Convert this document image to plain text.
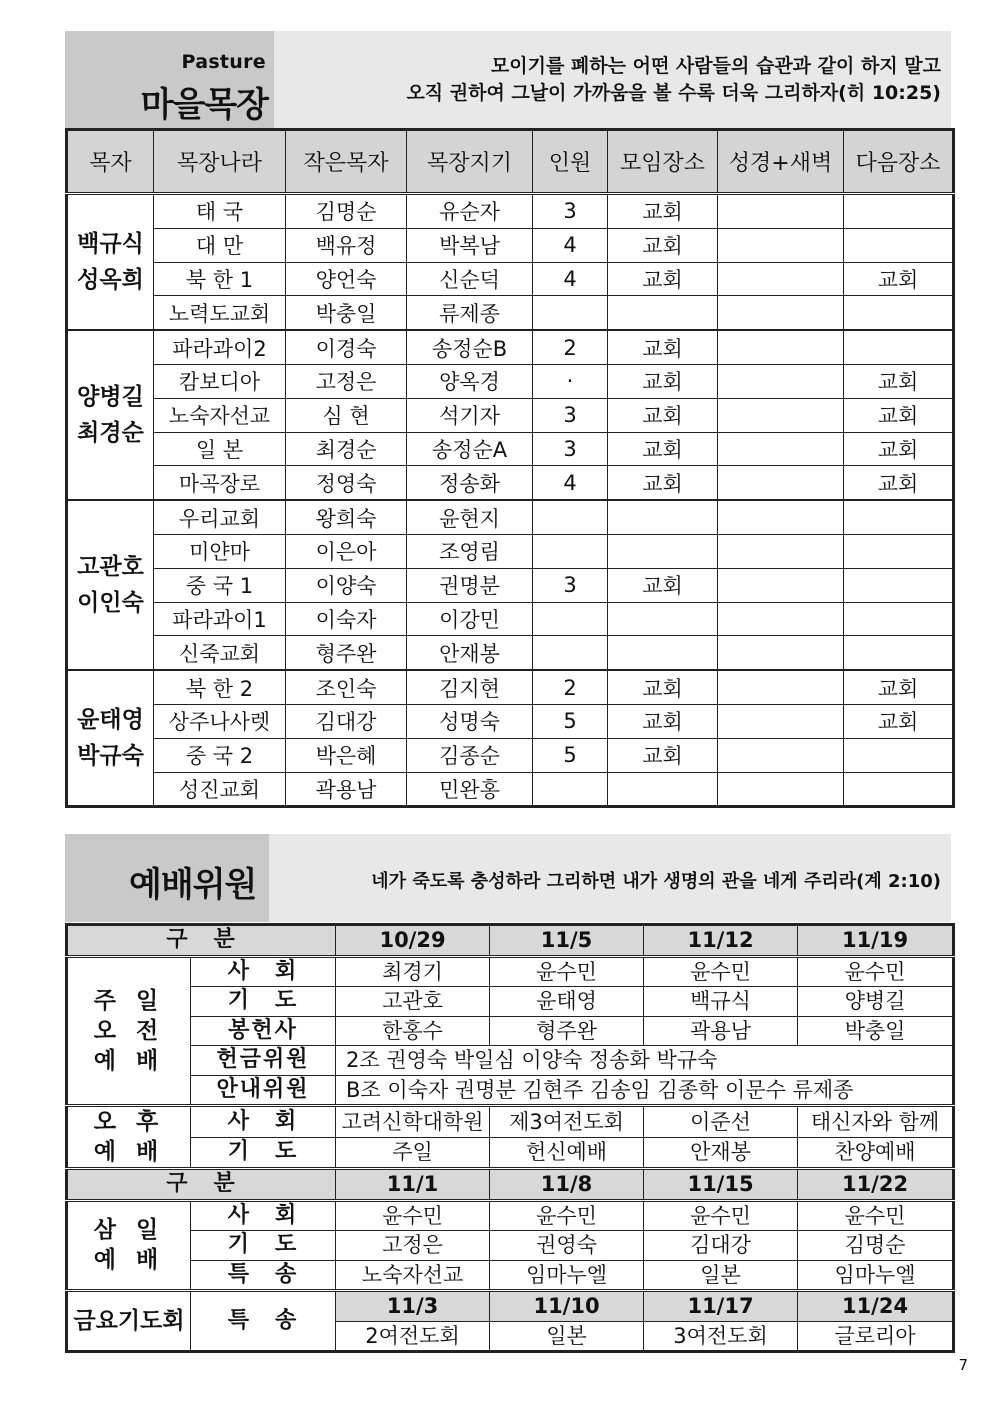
Pasture
마을목장
모이기를 폐하는 어떤 사람들의 습관과 같이 하지 말고
오직 권하여 그날이 가까움을 볼 수록 더욱 그리하자(히 10:25)
목자	목장나라	작은목자	목장지기	인원	모임장소	성경+새벽	다음장소

백규식
성옥희	태 국	김명순	유순자	3	교회		
	대 만	백유정	박복남	4	교회		
	북 한 1	양언숙	신순덕	4	교회		교회
	노력도교회	박충일	류제종				

양병길
최경순	파라과이2	이경숙	송정순B	2	교회		
	캄보디아	고정은	양옥경	·	교회		교회
	노숙자선교	심 현	석기자	3	교회		교회
	일 본	최경순	송정순A	3	교회		교회
	마곡장로	정영숙	정송화	4	교회		교회

고관호
이인숙	우리교회	왕희숙	윤현지				
	미얀마	이은아	조영림				
	중 국 1	이양숙	권명분	3	교회		
	파라과이1	이숙자	이강민				
	신죽교회	형주완	안재봉				

윤태영
박규숙	북 한 2	조인숙	김지현	2	교회		교회
	상주나사렛	김대강	성명숙	5	교회		교회
	중 국 2	박은혜	김종순	5	교회		
	성진교회	곽용남	민완홍				
예배위원	네가 죽도록 충성하라 그리하면 내가 생명의 관을 네게 주리라(계 2:10)
구　분		10/29	11/5	11/12	11/19

주 일
오 전
예 배	사　회	최경기	윤수민	윤수민	윤수민
	기　도	고관호	윤태영	백규식	양병길
	봉헌사	한홍수	형주완	곽용남	박충일
	헌금위원	2조 권영숙 박일심 이양숙 정송화 박규숙			
	안내위원	B조 이숙자 권명분 김현주 김송임 김종학 이문수 류제종			

오 후
예 배	사　회	고려신학대학원	제3여전도회	이준선	태신자와 함께
	기　도	주일	헌신예배	안재봉	찬양예배
구　분		11/1	11/8	11/15	11/22

삼 일
예 배	사　회	윤수민	윤수민	윤수민	윤수민
	기　도	고정은	권영숙	김대강	김명순
	특　송	노숙자선교	임마누엘	일본	임마누엘
금요기도회	특　송	11/3	11/10	11/17	11/24
		2여전도회	일본	3여전도회	글로리아
7
